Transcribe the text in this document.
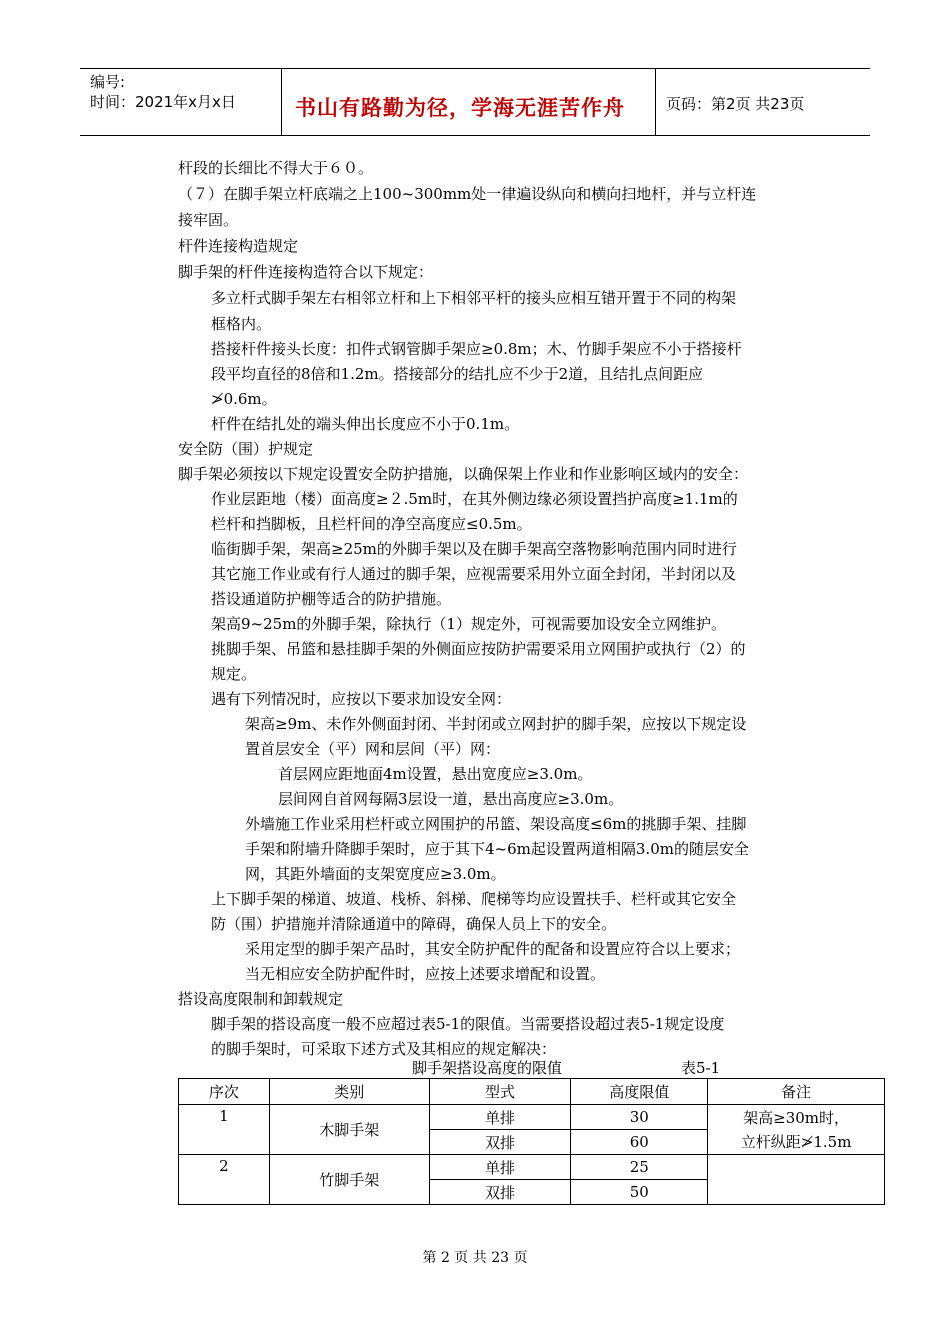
编号:
时间：2021年x月x日	书山有路勤为径，学海无涯苦作舟	页码：第2页 共23页
杆段的长细比不得大于６０。
（７）在脚手架立杆底端之上100~300mm处一律遍设纵向和横向扫地杆，并与立杆连
接牢固。
杆件连接构造规定
脚手架的杆件连接构造符合以下规定：
多立杆式脚手架左右相邻立杆和上下相邻平杆的接头应相互错开置于不同的构架
框格内。
搭接杆件接头长度：扣件式钢管脚手架应≥0.8m；木、竹脚手架应不小于搭接杆
段平均直径的8倍和1.2m。搭接部分的结扎应不少于2道，且结扎点间距应
≯0.6m。
杆件在结扎处的端头伸出长度应不小于0.1m。
安全防（围）护规定
脚手架必须按以下规定设置安全防护措施，以确保架上作业和作业影响区域内的安全：
作业层距地（楼）面高度≥２.5m时，在其外侧边缘必须设置挡护高度≥1.1m的
栏杆和挡脚板，且栏杆间的净空高度应≤0.5m。
临街脚手架，架高≥25m的外脚手架以及在脚手架高空落物影响范围内同时进行
其它施工作业或有行人通过的脚手架，应视需要采用外立面全封闭，半封闭以及
搭设通道防护棚等适合的防护措施。
架高9~25m的外脚手架，除执行（1）规定外，可视需要加设安全立网维护。
挑脚手架、吊篮和悬挂脚手架的外侧面应按防护需要采用立网围护或执行（2）的
规定。
遇有下列情况时，应按以下要求加设安全网：
架高≥9m、未作外侧面封闭、半封闭或立网封护的脚手架，应按以下规定设
置首层安全（平）网和层间（平）网：
首层网应距地面4m设置，悬出宽度应≥3.0m。
层间网自首网每隔3层设一道，悬出高度应≥3.0m。
外墙施工作业采用栏杆或立网围护的吊篮、架设高度≤6m的挑脚手架、挂脚
手架和附墙升降脚手架时，应于其下4~6m起设置两道相隔3.0m的随层安全
网，其距外墙面的支架宽度应≥3.0m。
上下脚手架的梯道、坡道、栈桥、斜梯、爬梯等均应设置扶手、栏杆或其它安全
防（围）护措施并清除通道中的障碍，确保人员上下的安全。
采用定型的脚手架产品时，其安全防护配件的配备和设置应符合以上要求；
当无相应安全防护配件时，应按上述要求增配和设置。
搭设高度限制和卸载规定
脚手架的搭设高度一般不应超过表5-1的限值。当需要搭设超过表5-1规定设度
的脚手架时，可采取下述方式及其相应的规定解决：
脚手架搭设高度的限值	表5-1
序次	类别	型式	高度限值	备注
1	木脚手架	单排	30	架高≥30m时，
立杆纵距≯1.5m
		双排	60	
2	竹脚手架	单排	25	
		双排	50	
第 2 页 共 23 页
